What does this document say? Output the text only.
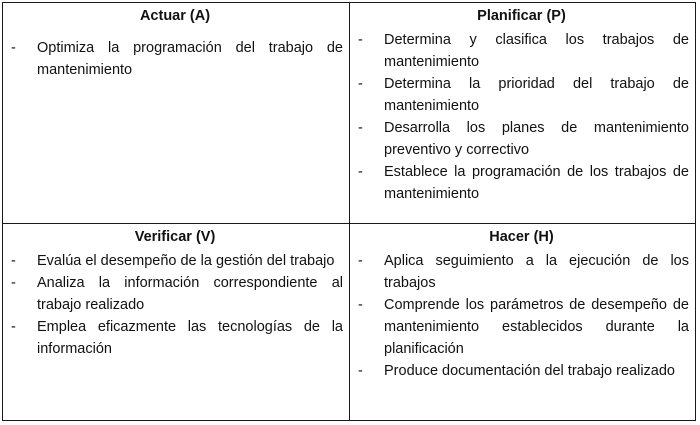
Actuar (A)
- Optimiza la programación del trabajo de mantenimiento
Planificar (P)
- Determina y clasifica los trabajos de mantenimiento
- Determina la prioridad del trabajo de mantenimiento
- Desarrolla los planes de mantenimiento preventivo y correctivo
- Establece la programación de los trabajos de mantenimiento
Verificar (V)
- Evalúa el desempeño de la gestión del trabajo
- Analiza la información correspondiente al trabajo realizado
- Emplea eficazmente las tecnologías de la información
Hacer (H)
- Aplica seguimiento a la ejecución de los trabajos
- Comprende los parámetros de desempeño de mantenimiento establecidos durante la planificación
- Produce documentación del trabajo realizado
